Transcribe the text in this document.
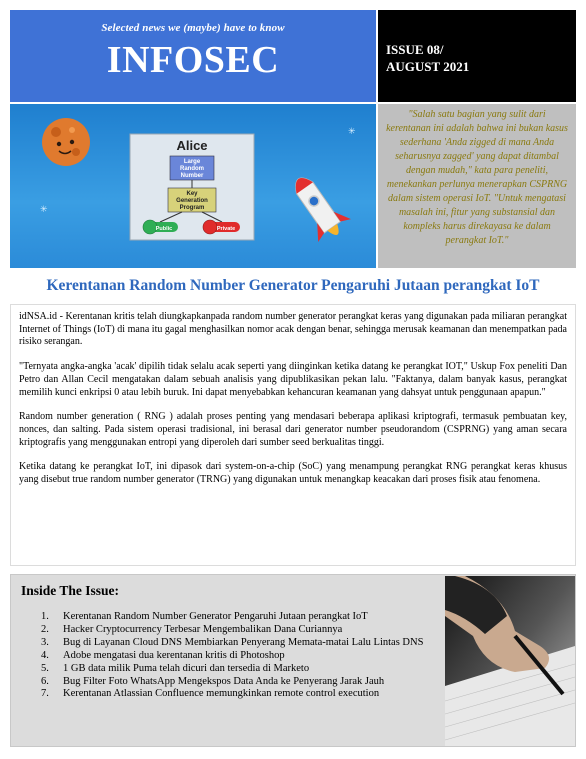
Selected news we (maybe) have to know
INFOSEC	ISSUE 08/
AUGUST 2021
✳
✳
Alice
Large
Random
Number
Key
Generation
Program
Public	Private
"Salah satu bagian yang sulit dari kerentanan ini adalah bahwa ini bukan kasus sederhana 'Anda zigged di mana Anda seharusnya zagged' yang dapat ditambal dengan mudah," kata para peneliti, menekankan perlunya menerapkan CSPRNG dalam sistem operasi IoT. "Untuk mengatasi masalah ini, fitur yang substansial dan kompleks harus direkayasa ke dalam perangkat IoT."
Kerentanan Random Number Generator Pengaruhi Jutaan perangkat IoT

idNSA.id - Kerentanan kritis telah diungkapkanpada random number generator perangkat keras yang digunakan pada miliaran perangkat Internet of Things (IoT) di mana itu gagal menghasilkan nomor acak dengan benar, sehingga merusak keamanan dan menempatkan pada risiko serangan.

"Ternyata angka-angka 'acak' dipilih tidak selalu acak seperti yang diinginkan ketika datang ke perangkat IOT," Uskup Fox peneliti Dan Petro dan Allan Cecil mengatakan dalam sebuah analisis yang dipublikasikan pekan lalu. "Faktanya, dalam banyak kasus, perangkat memilih kunci enkripsi 0 atau lebih buruk. Ini dapat menyebabkan kehancuran keamanan yang dahsyat untuk penggunaan apapun."

Random number generation ( RNG ) adalah proses penting yang mendasari beberapa aplikasi kriptografi, termasuk pembuatan key, nonces, dan salting. Pada sistem operasi tradisional, ini berasal dari generator number pseudorandom (CSPRNG) yang aman secara kriptografis yang menggunakan entropi yang diperoleh dari sumber seed berkualitas tinggi.

Ketika datang ke perangkat IoT, ini dipasok dari system-on-a-chip (SoC) yang menampung perangkat RNG perangkat keras khusus yang disebut true random number generator (TRNG) yang digunakan untuk menangkap keacakan dari proses fisik atau fenomena.

Inside The Issue:
1.	Kerentanan Random Number Generator Pengaruhi Jutaan perangkat IoT
2.	Hacker Cryptocurrency Terbesar Mengembalikan Dana Curiannya
3.	Bug di Layanan Cloud DNS Membiarkan Penyerang Memata-matai Lalu Lintas DNS
4.	Adobe mengatasi dua kerentanan kritis di Photoshop
5.	1 GB data milik Puma telah dicuri dan tersedia di Marketo
6.	Bug Filter Foto WhatsApp Mengekspos Data Anda ke Penyerang Jarak Jauh
7.	Kerentanan Atlassian Confluence memungkinkan remote control execution
